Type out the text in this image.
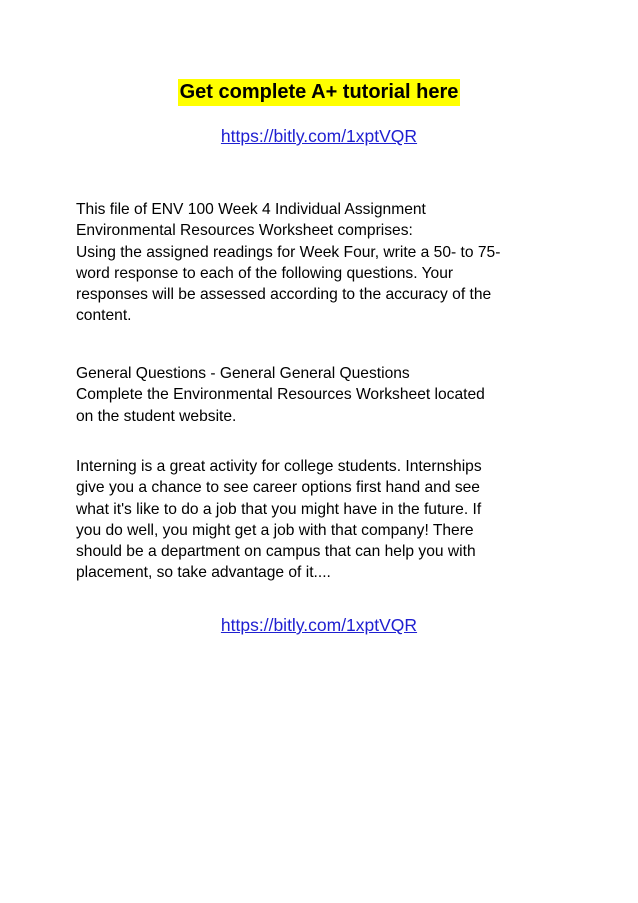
Get complete A+ tutorial here
https://bitly.com/1xptVQR

This file of ENV 100 Week 4 Individual Assignment
Environmental Resources Worksheet comprises:
Using the assigned readings for Week Four, write a 50- to 75-
word response to each of the following questions. Your
responses will be assessed according to the accuracy of the
content.

General Questions - General General Questions
Complete the Environmental Resources Worksheet located
on the student website.

Interning is a great activity for college students. Internships
give you a chance to see career options first hand and see
what it's like to do a job that you might have in the future. If
you do well, you might get a job with that company! There
should be a department on campus that can help you with
placement, so take advantage of it....

https://bitly.com/1xptVQR
